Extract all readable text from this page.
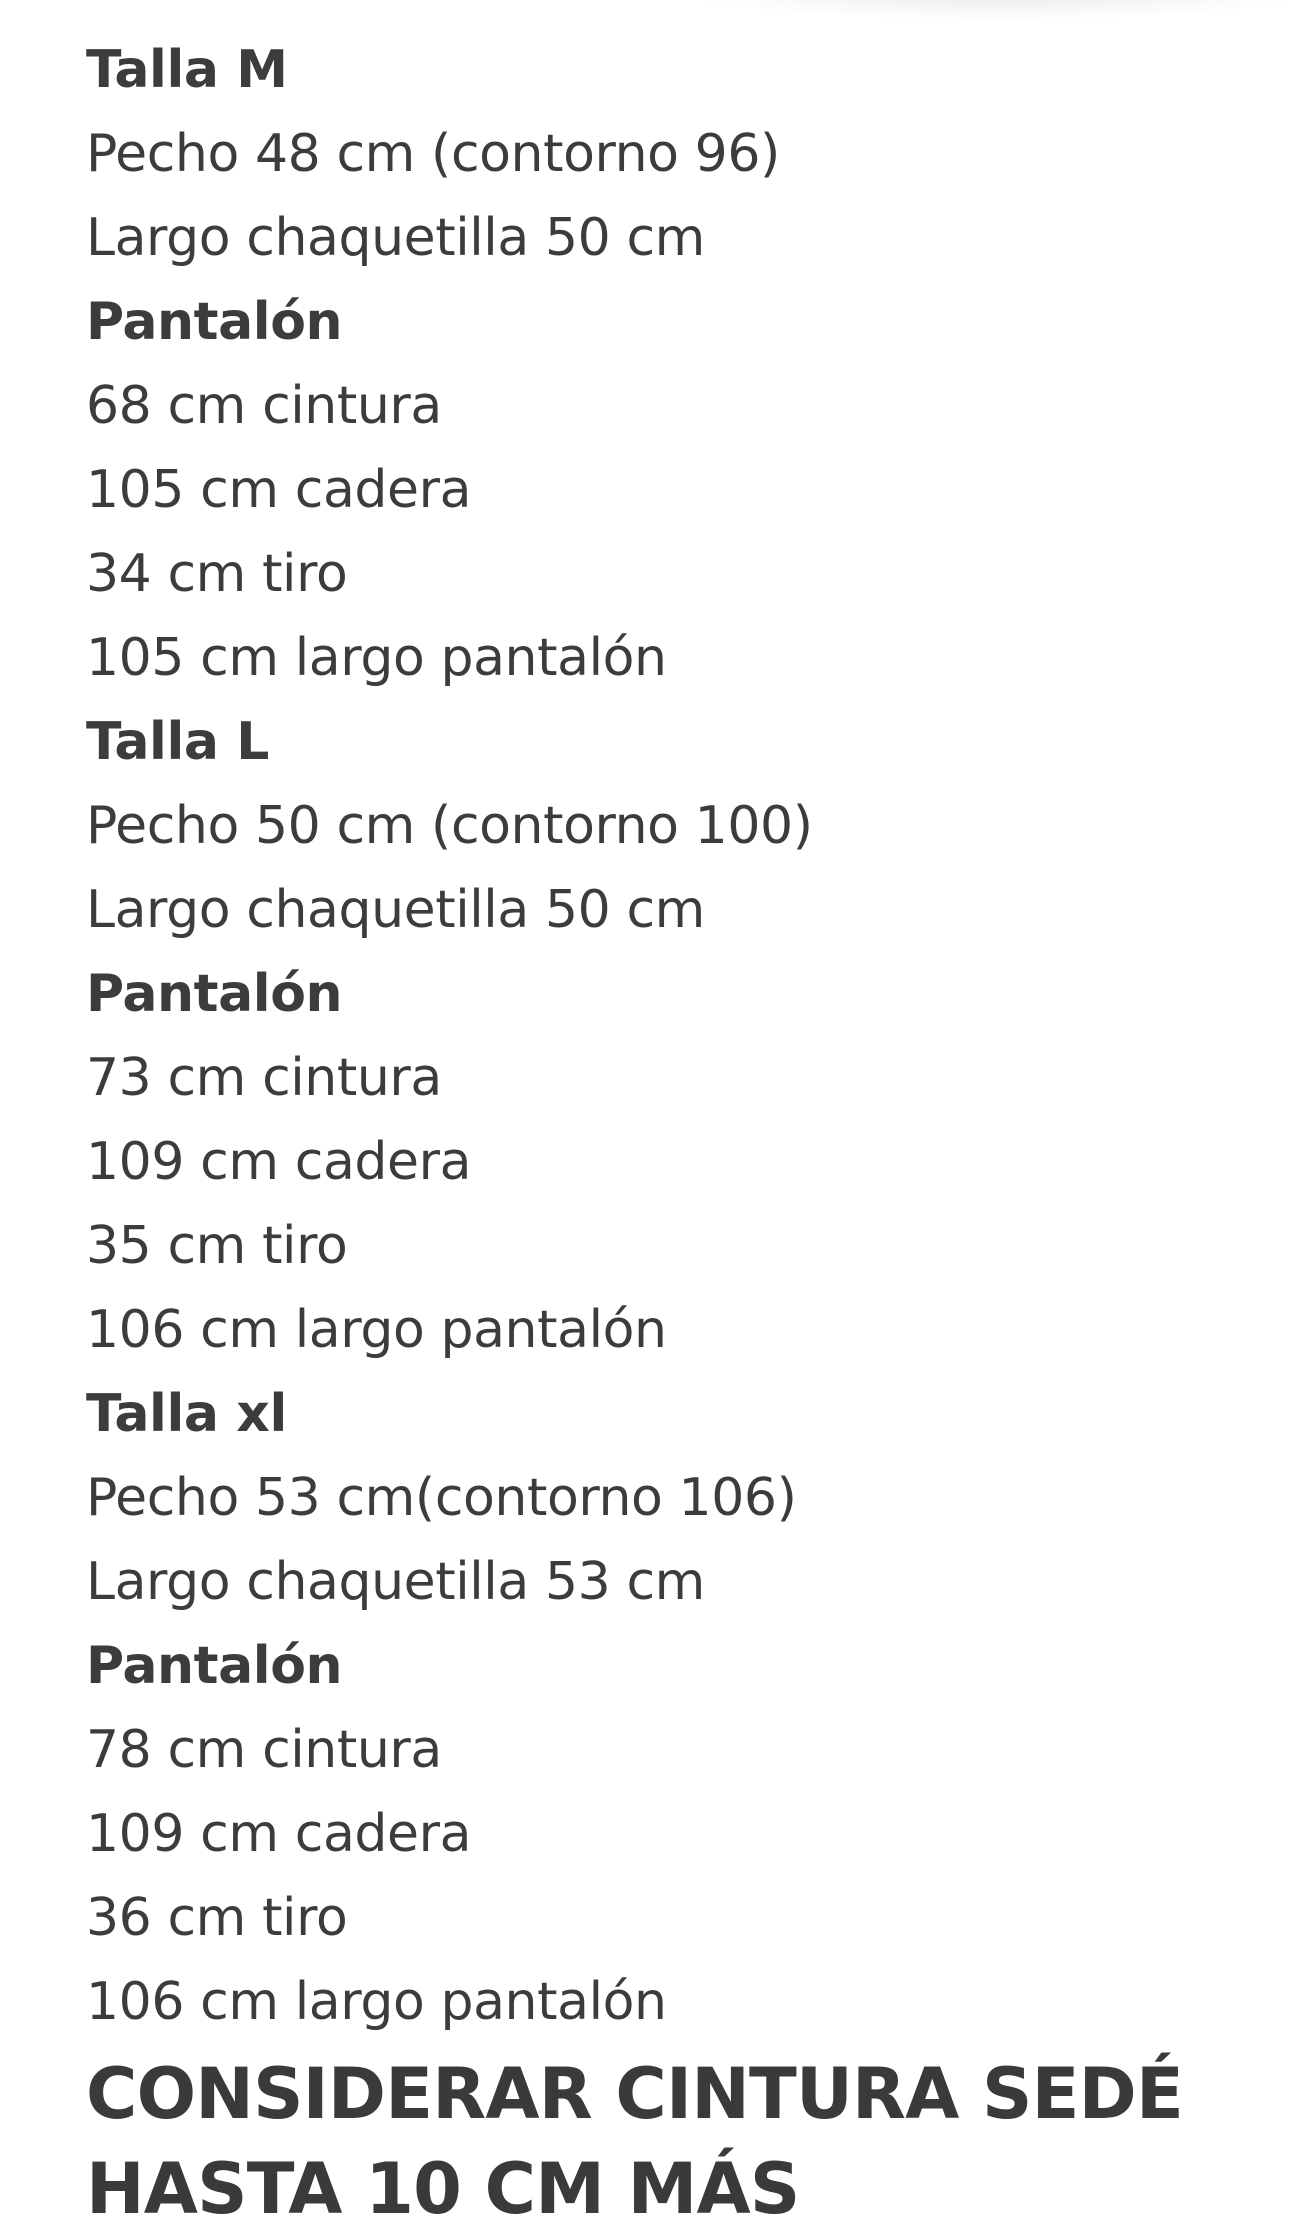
Talla M
Pecho 48 cm (contorno 96)
Largo chaquetilla 50 cm
Pantalón
68 cm cintura
105 cm cadera
34 cm tiro
105 cm largo pantalón
Talla L
Pecho 50 cm (contorno 100)
Largo chaquetilla 50 cm
Pantalón
73 cm cintura
109 cm cadera
35 cm tiro
106 cm largo pantalón
Talla xl
Pecho 53 cm(contorno 106)
Largo chaquetilla 53 cm
Pantalón
78 cm cintura
109 cm cadera
36 cm tiro
106 cm largo pantalón
CONSIDERAR CINTURA SEDÉ
HASTA 10 CM MÁS
